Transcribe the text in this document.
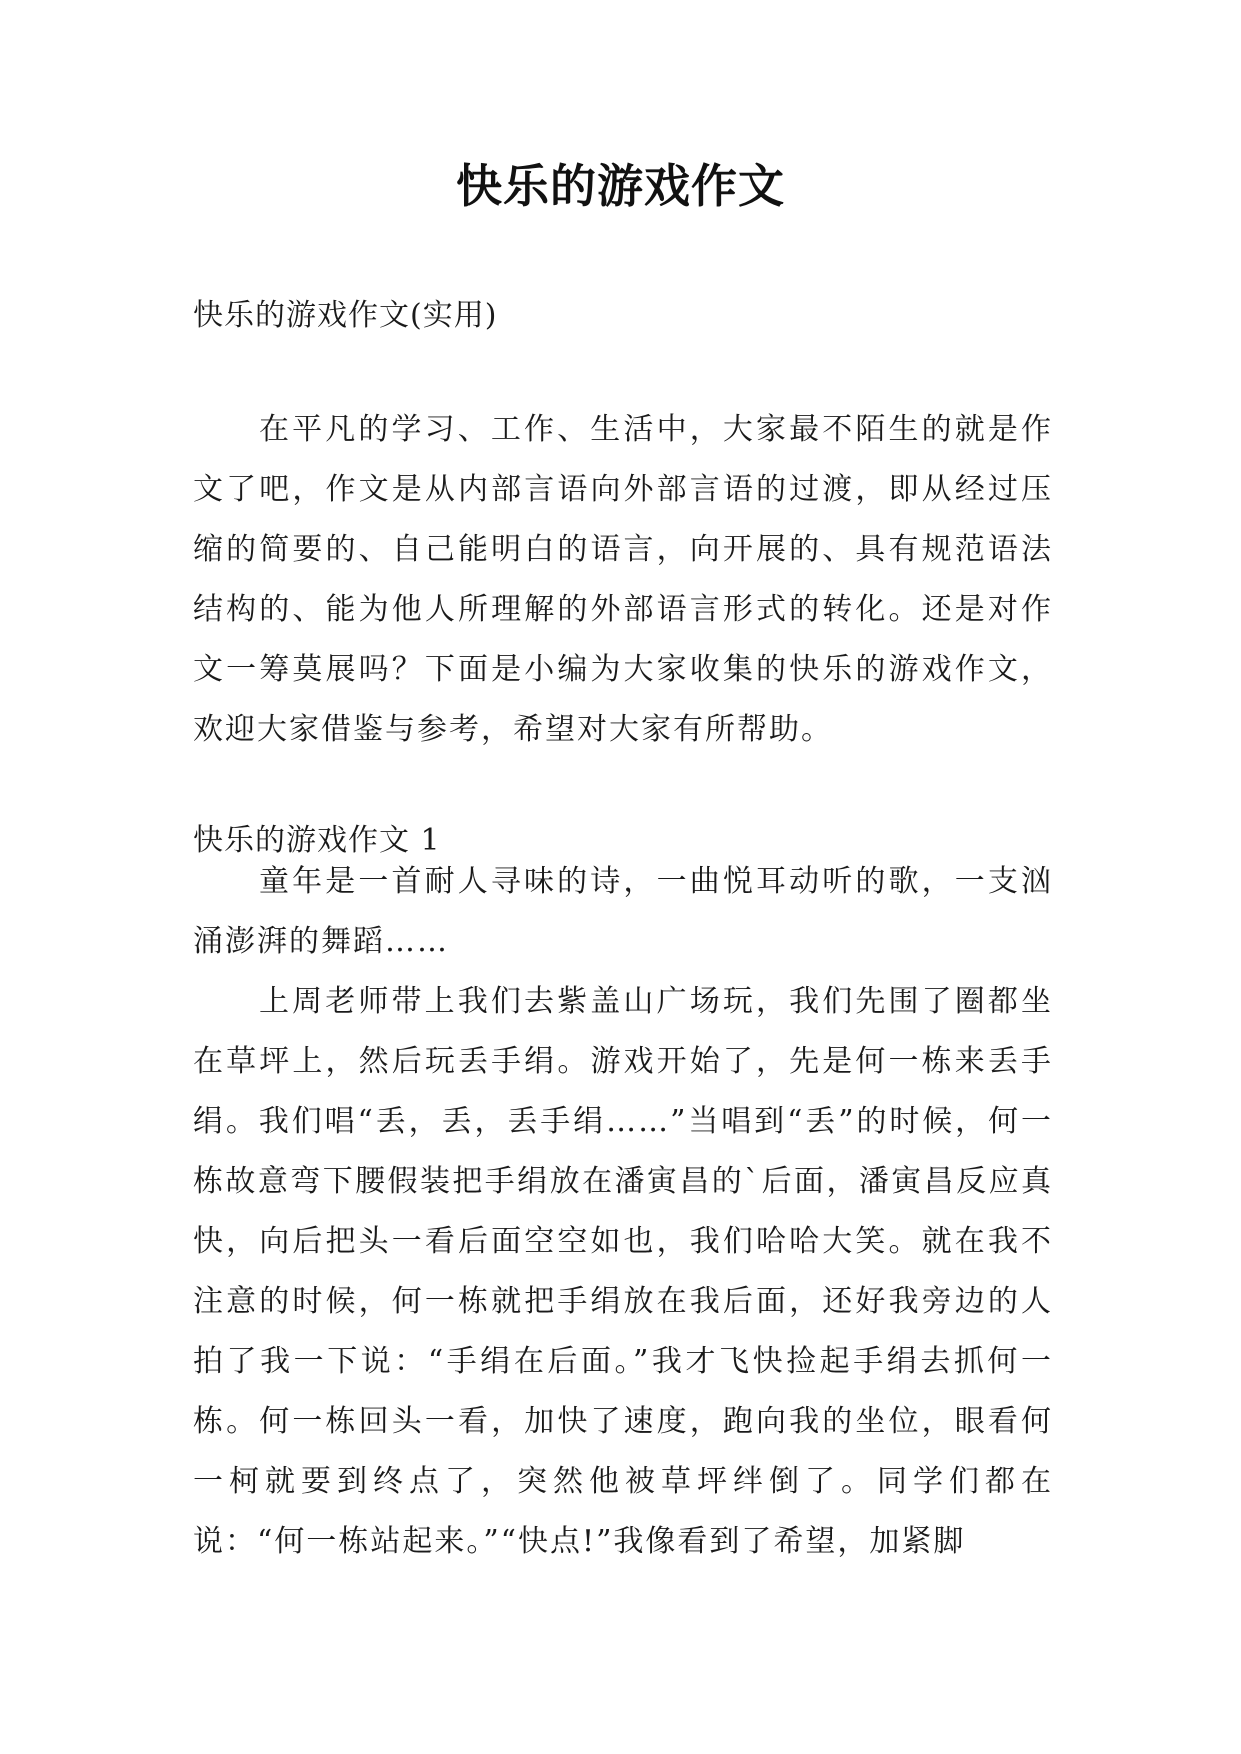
快乐的游戏作文
快乐的游戏作文(实用)

在平凡的学习、工作、生活中，大家最不陌生的就是作文了吧，作文是从内部言语向外部言语的过渡，即从经过压缩的简要的、自己能明白的语言，向开展的、具有规范语法结构的、能为他人所理解的外部语言形式的转化。还是对作文一筹莫展吗？下面是小编为大家收集的快乐的游戏作文，欢迎大家借鉴与参考，希望对大家有所帮助。

快乐的游戏作文 1

童年是一首耐人寻味的诗，一曲悦耳动听的歌，一支汹涌澎湃的舞蹈……

上周老师带上我们去紫盖山广场玩，我们先围了圈都坐在草坪上，然后玩丢手绢。游戏开始了，先是何一栋来丢手绢。我们唱“丢，丢，丢手绢……”当唱到“丢”的时候，何一栋故意弯下腰假装把手绢放在潘寅昌的`后面，潘寅昌反应真快，向后把头一看后面空空如也，我们哈哈大笑。就在我不注意的时候，何一栋就把手绢放在我后面，还好我旁边的人拍了我一下说：“手绢在后面。”我才飞快捡起手绢去抓何一栋。何一栋回头一看，加快了速度，跑向我的坐位，眼看何一柯就要到终点了，突然他被草坪绊倒了。同学们都在说：“何一栋站起来。”“快点!”我像看到了希望，加紧脚
